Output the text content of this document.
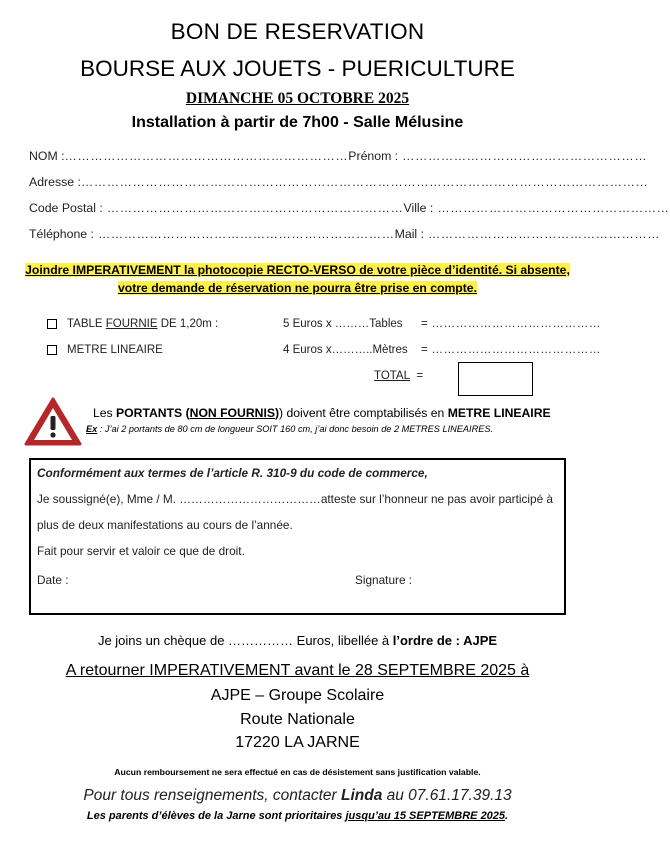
BON DE RESERVATION
BOURSE AUX JOUETS - PUERICULTURE
DIMANCHE 05 OCTOBRE 2025
Installation à partir de 7h00 - Salle Mélusine
NOM :…………………………………………………………Prénom : …………………………………………………
Adresse :……………………………………………………………………………………………………………………
Code Postal : ……………………………………………………………Ville : ………………………………………………
Téléphone : ……………………………………………………………Mail : ………………………………………………
Joindre IMPERATIVEMENT la photocopie RECTO-VERSO de votre pièce d’identité. Si absente,
votre demande de réservation ne pourra être prise en compte.
TABLE FOURNIE DE 1,20m :	5 Euros x ………Tables = ……………………………………
METRE LINEAIRE	4 Euros x………..Mètres = ……………………………………
TOTAL =
Les PORTANTS (NON FOURNIS)) doivent être comptabilisés en METRE LINEAIRE
Ex : J’ai 2 portants de 80 cm de longueur SOIT 160 cm, j’ai donc besoin de 2 METRES LINEAIRES.
Conformément aux termes de l’article R. 310-9 du code de commerce,
Je soussigné(e), Mme / M. ………………………………atteste sur l’honneur ne pas avoir participé à
plus de deux manifestations au cours de l’année.
Fait pour servir et valoir ce que de droit.
Date :	Signature :
Je joins un chèque de …………… Euros, libellée à l’ordre de : AJPE
A retourner IMPERATIVEMENT avant le 28 SEPTEMBRE 2025 à
AJPE – Groupe Scolaire
Route Nationale
17220 LA JARNE
Aucun remboursement ne sera effectué en cas de désistement sans justification valable.
Pour tous renseignements, contacter Linda au 07.61.17.39.13
Les parents d’élèves de la Jarne sont prioritaires jusqu’au 15 SEPTEMBRE 2025.
